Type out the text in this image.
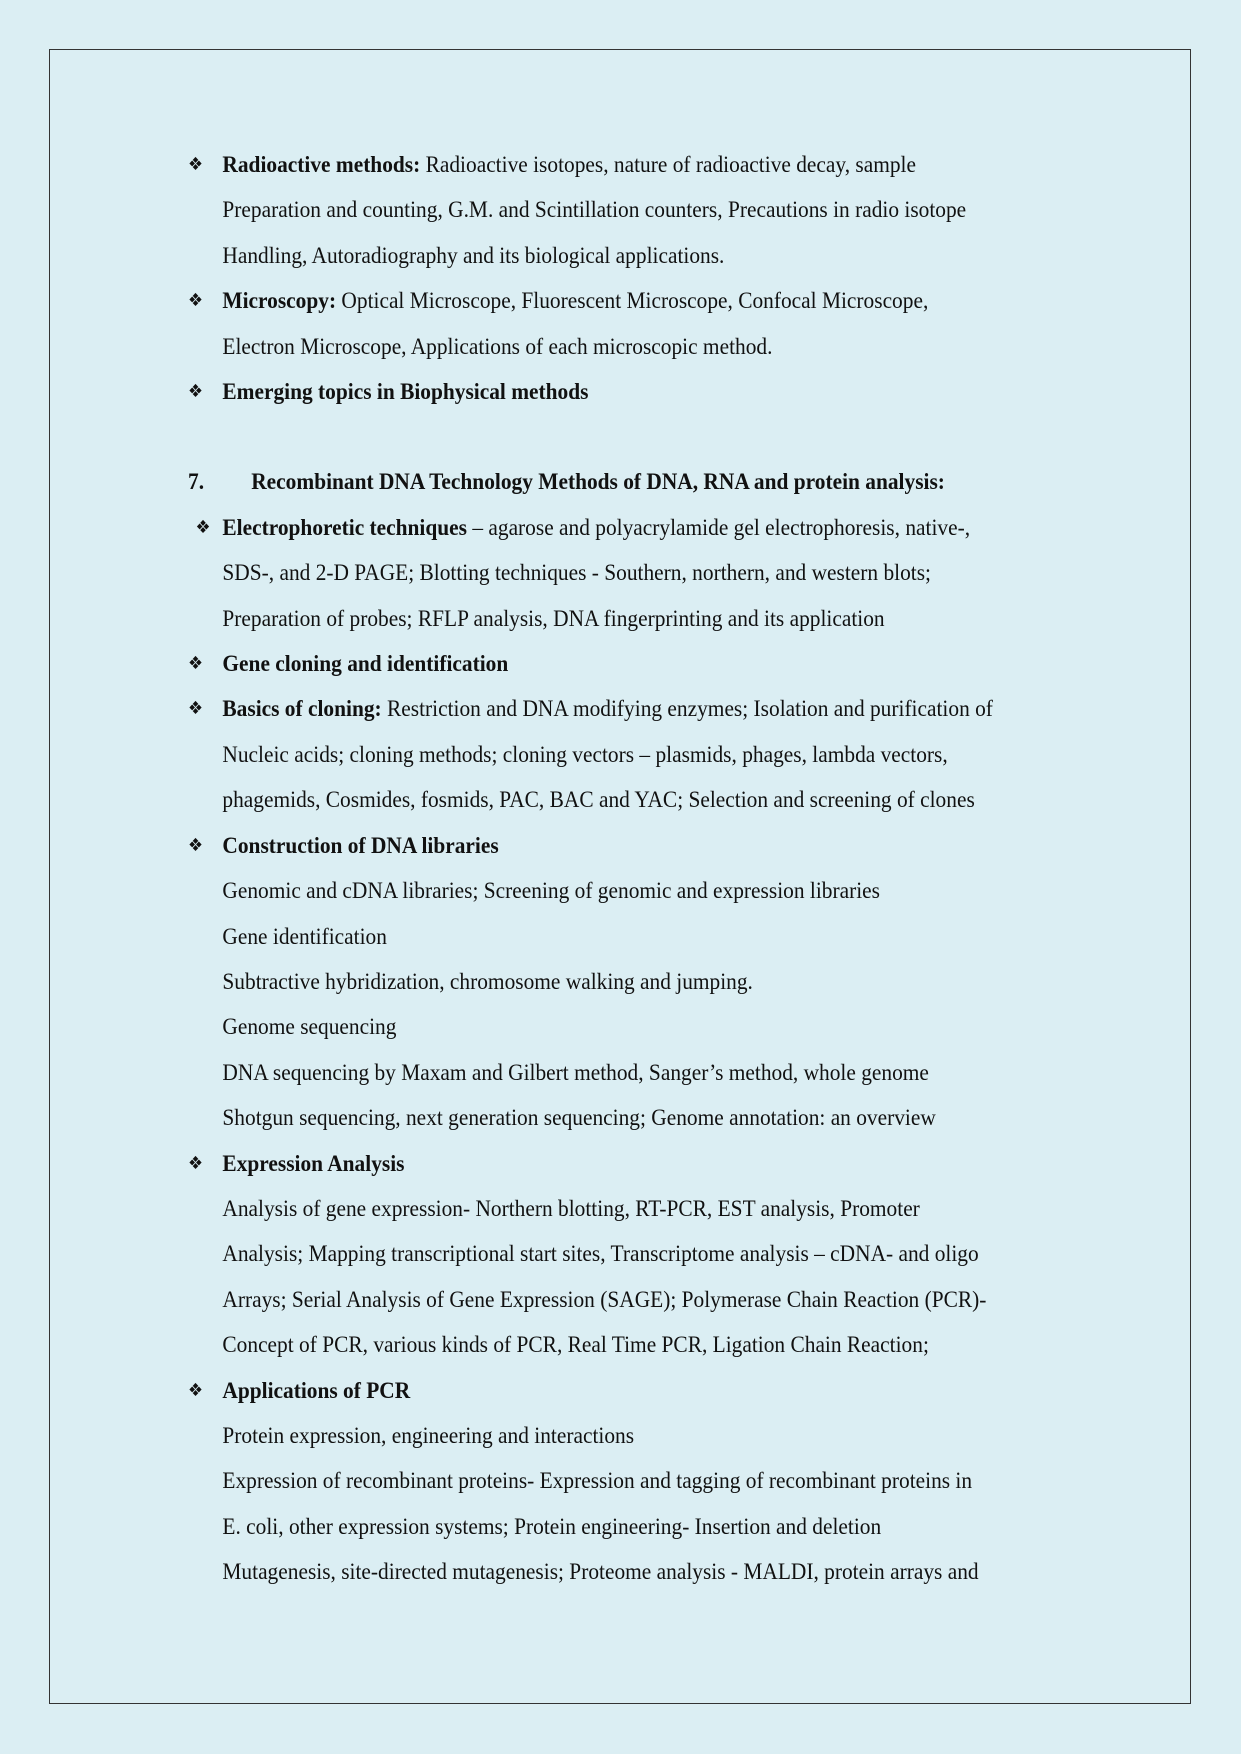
❖ Radioactive methods: Radioactive isotopes, nature of radioactive decay, sample
Preparation and counting, G.M. and Scintillation counters, Precautions in radio isotope
Handling, Autoradiography and its biological applications.
❖ Microscopy: Optical Microscope, Fluorescent Microscope, Confocal Microscope,
Electron Microscope, Applications of each microscopic method.
❖ Emerging topics in Biophysical methods
7. Recombinant DNA Technology Methods of DNA, RNA and protein analysis:
❖ Electrophoretic techniques – agarose and polyacrylamide gel electrophoresis, native-,
SDS-, and 2-D PAGE; Blotting techniques - Southern, northern, and western blots;
Preparation of probes; RFLP analysis, DNA fingerprinting and its application
❖ Gene cloning and identification
❖ Basics of cloning: Restriction and DNA modifying enzymes; Isolation and purification of
Nucleic acids; cloning methods; cloning vectors – plasmids, phages, lambda vectors,
phagemids, Cosmides, fosmids, PAC, BAC and YAC; Selection and screening of clones
❖ Construction of DNA libraries
Genomic and cDNA libraries; Screening of genomic and expression libraries
Gene identification
Subtractive hybridization, chromosome walking and jumping.
Genome sequencing
DNA sequencing by Maxam and Gilbert method, Sanger’s method, whole genome
Shotgun sequencing, next generation sequencing; Genome annotation: an overview
❖ Expression Analysis
Analysis of gene expression- Northern blotting, RT-PCR, EST analysis, Promoter
Analysis; Mapping transcriptional start sites, Transcriptome analysis – cDNA- and oligo
Arrays; Serial Analysis of Gene Expression (SAGE); Polymerase Chain Reaction (PCR)-
Concept of PCR, various kinds of PCR, Real Time PCR, Ligation Chain Reaction;
❖ Applications of PCR
Protein expression, engineering and interactions
Expression of recombinant proteins- Expression and tagging of recombinant proteins in
E. coli, other expression systems; Protein engineering- Insertion and deletion
Mutagenesis, site-directed mutagenesis; Proteome analysis - MALDI, protein arrays and
